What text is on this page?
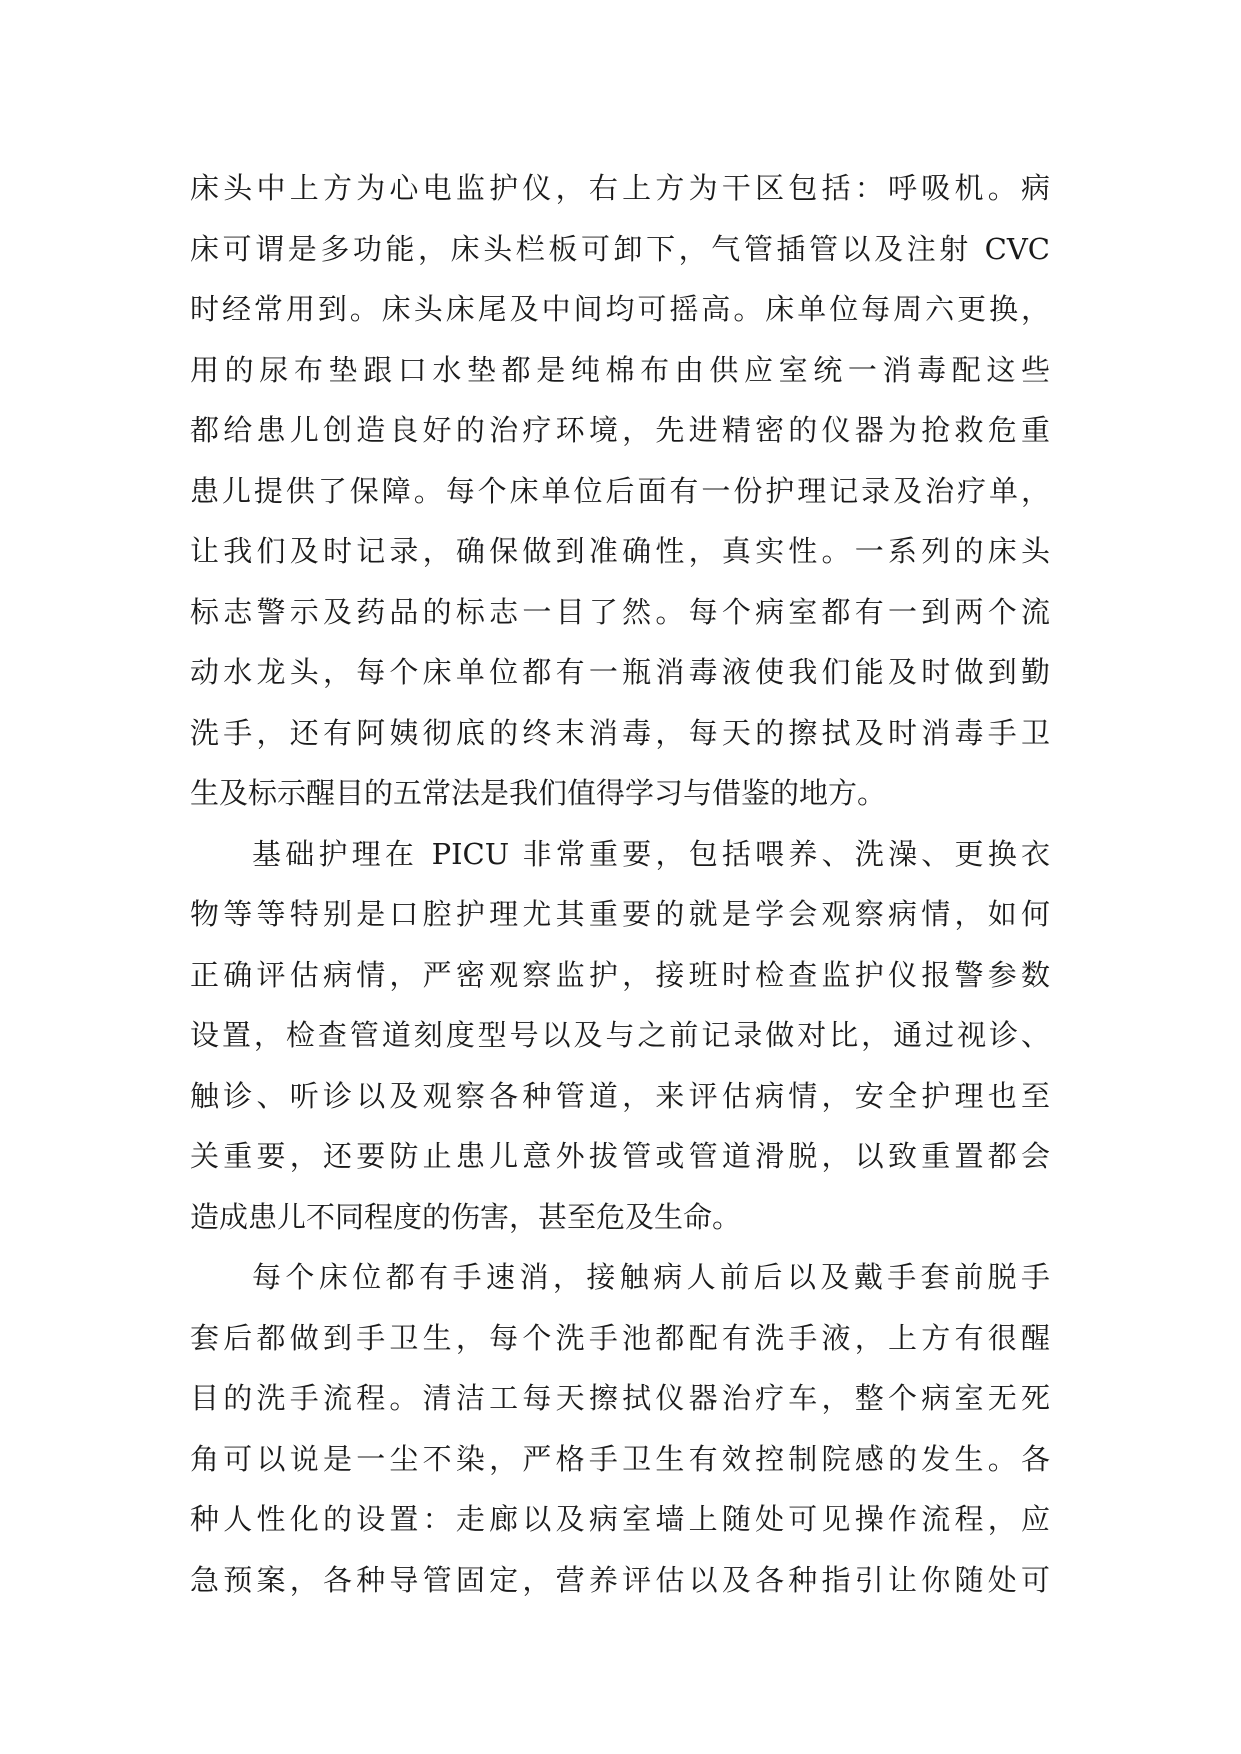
床头中上方为心电监护仪，右上方为干区包括：呼吸机。病
床可谓是多功能，床头栏板可卸下，气管插管以及注射 CVC
时经常用到。床头床尾及中间均可摇高。床单位每周六更换，
用的尿布垫跟口水垫都是纯棉布由供应室统一消毒配这些
都给患儿创造良好的治疗环境，先进精密的仪器为抢救危重
患儿提供了保障。每个床单位后面有一份护理记录及治疗单，
让我们及时记录，确保做到准确性，真实性。一系列的床头
标志警示及药品的标志一目了然。每个病室都有一到两个流
动水龙头，每个床单位都有一瓶消毒液使我们能及时做到勤
洗手，还有阿姨彻底的终末消毒，每天的擦拭及时消毒手卫
生及标示醒目的五常法是我们值得学习与借鉴的地方。
基础护理在 PICU 非常重要，包括喂养、洗澡、更换衣
物等等特别是口腔护理尤其重要的就是学会观察病情，如何
正确评估病情，严密观察监护，接班时检查监护仪报警参数
设置，检查管道刻度型号以及与之前记录做对比，通过视诊、
触诊、听诊以及观察各种管道，来评估病情，安全护理也至
关重要，还要防止患儿意外拔管或管道滑脱，以致重置都会
造成患儿不同程度的伤害，甚至危及生命。
每个床位都有手速消，接触病人前后以及戴手套前脱手
套后都做到手卫生，每个洗手池都配有洗手液，上方有很醒
目的洗手流程。清洁工每天擦拭仪器治疗车，整个病室无死
角可以说是一尘不染，严格手卫生有效控制院感的发生。各
种人性化的设置：走廊以及病室墙上随处可见操作流程，应
急预案，各种导管固定，营养评估以及各种指引让你随处可
